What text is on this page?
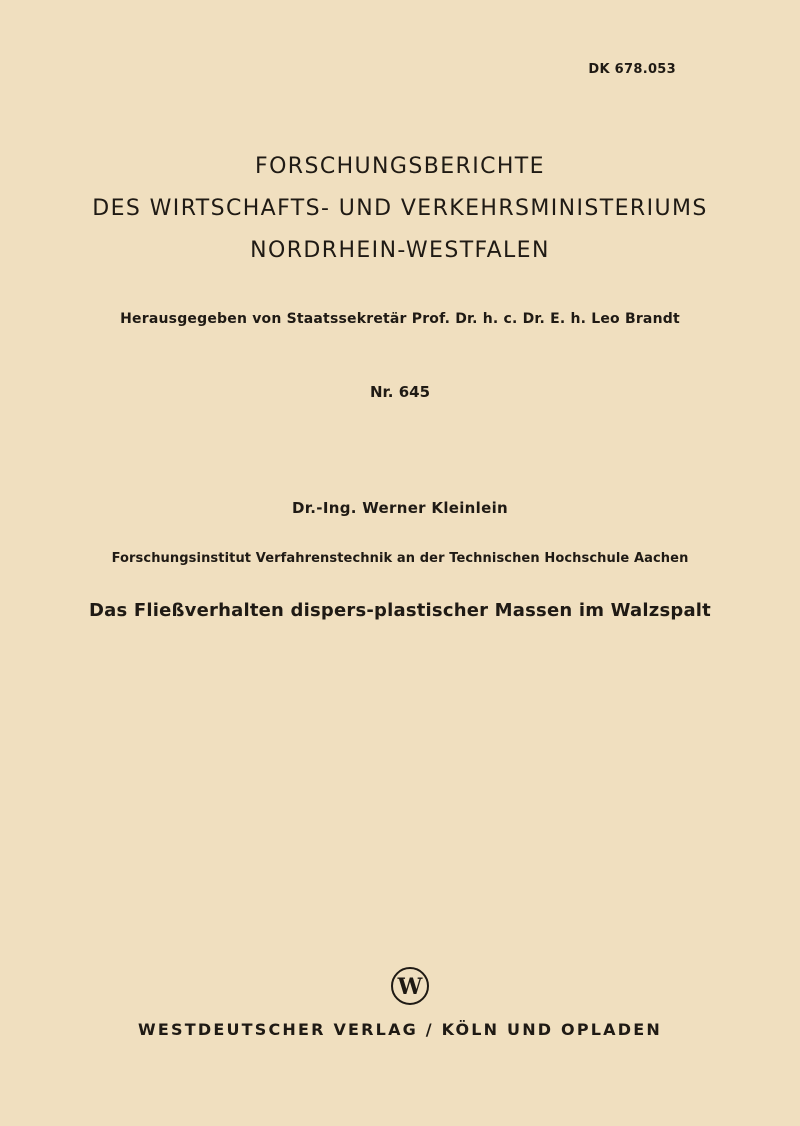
DK 678.053
FORSCHUNGSBERICHTE
DES WIRTSCHAFTS- UND VERKEHRSMINISTERIUMS
NORDRHEIN-WESTFALEN
Herausgegeben von Staatssekretär Prof. Dr. h. c. Dr. E. h. Leo Brandt
Nr. 645
Dr.-Ing. Werner Kleinlein
Forschungsinstitut Verfahrenstechnik an der Technischen Hochschule Aachen
Das Fließverhalten dispers-plastischer Massen im Walzspalt
W
WESTDEUTSCHER VERLAG / KÖLN UND OPLADEN
